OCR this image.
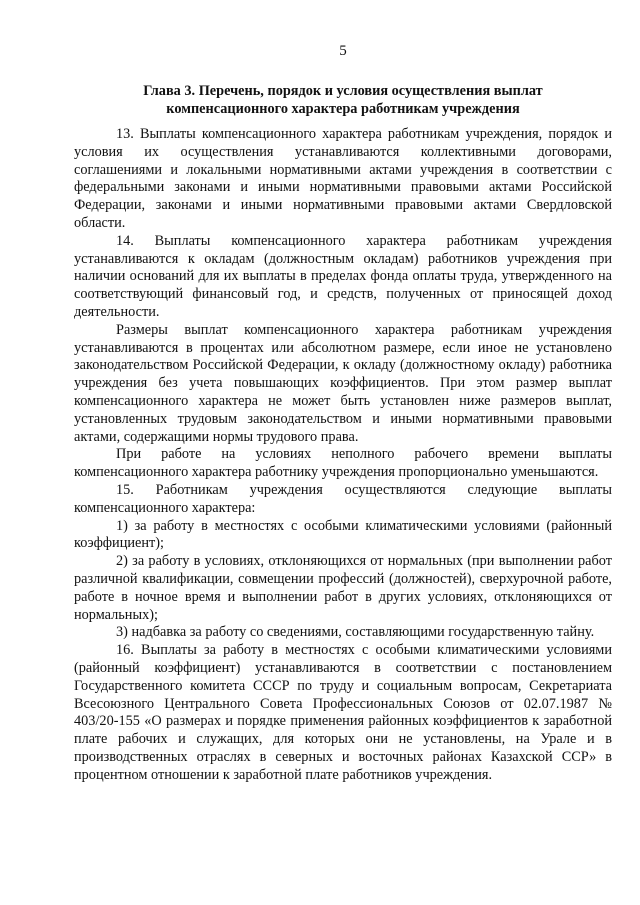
5
Глава 3. Перечень, порядок и условия осуществления выплат
компенсационного характера работникам учреждения

13. Выплаты компенсационного характера работникам учреждения, порядок и условия их осуществления устанавливаются коллективными договорами, соглашениями и локальными нормативными актами учреждения в соответствии с федеральными законами и иными нормативными правовыми актами Российской Федерации, законами и иными нормативными правовыми актами Свердловской области.

14. Выплаты компенсационного характера работникам учреждения устанавливаются к окладам (должностным окладам) работников учреждения при наличии оснований для их выплаты в пределах фонда оплаты труда, утвержденного на соответствующий финансовый год, и средств, полученных от приносящей доход деятельности.

Размеры выплат компенсационного характера работникам учреждения устанавливаются в процентах или абсолютном размере, если иное не установлено законодательством Российской Федерации, к окладу (должностному окладу) работника учреждения без учета повышающих коэффициентов. При этом размер выплат компенсационного характера не может быть установлен ниже размеров выплат, установленных трудовым законодательством и иными нормативными правовыми актами, содержащими нормы трудового права.

При работе на условиях неполного рабочего времени выплаты компенсационного характера работнику учреждения пропорционально уменьшаются.

15. Работникам учреждения осуществляются следующие выплаты компенсационного характера:

1) за работу в местностях с особыми климатическими условиями (районный коэффициент);

2) за работу в условиях, отклоняющихся от нормальных (при выполнении работ различной квалификации, совмещении профессий (должностей), сверхурочной работе, работе в ночное время и выполнении работ в других условиях, отклоняющихся от нормальных);

3) надбавка за работу со сведениями, составляющими государственную тайну.

16. Выплаты за работу в местностях с особыми климатическими условиями (районный коэффициент) устанавливаются в соответствии с постановлением Государственного комитета СССР по труду и социальным вопросам, Секретариата Всесоюзного Центрального Совета Профессиональных Союзов от 02.07.1987 № 403/20-155 «О размерах и порядке применения районных коэффициентов к заработной плате рабочих и служащих, для которых они не установлены, на Урале и в производственных отраслях в северных и восточных районах Казахской ССР» в процентном отношении к заработной плате работников учреждения.
